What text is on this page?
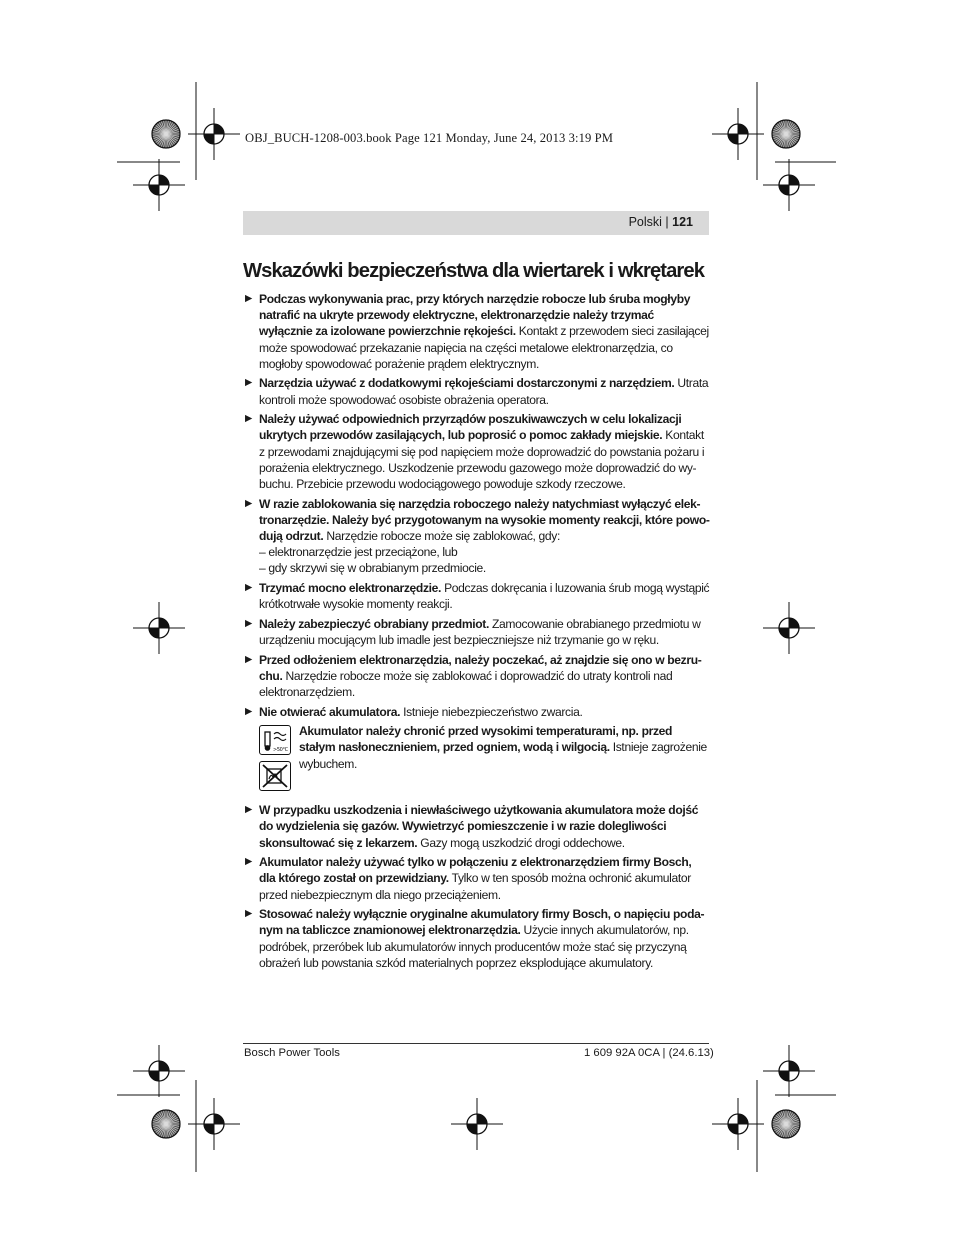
OBJ_BUCH-1208-003.book Page 121 Monday, June 24, 2013 3:19 PM
Polski | 121
Wskazówki bezpieczeństwa dla wiertarek i wkrętarek
▶ Podczas wykonywania prac, przy których narzędzie robocze lub śruba mogłyby natrafić na ukryte przewody elektryczne, elektronarzędzie należy trzymać wyłącznie za izolowane powierzchnie rękojeści. Kontakt z przewodem sieci zasilającej może spowodować przekazanie napięcia na części metalowe elektronarzędzia, co mogłoby spowodować porażenie prądem elektrycznym.
▶ Narzędzia używać z dodatkowymi rękojeściami dostarczonymi z narzędziem. Utrata kontroli może spowodować osobiste obrażenia operatora.
▶ Należy używać odpowiednich przyrządów poszukiwawczych w celu lokalizacji ukrytych przewodów zasilających, lub poprosić o pomoc zakłady miejskie. Kontakt z przewodami znajdującymi się pod napięciem może doprowadzić do powstania pożaru i porażenia elektrycznego. Uszkodzenie przewodu gazowego może doprowadzić do wybuchu. Przebicie przewodu wodociągowego powoduje szkody rzeczowe.
▶ W razie zablokowania się narzędzia roboczego należy natychmiast wyłączyć elektronarzędzie. Należy być przygotowanym na wysokie momenty reakcji, które powodują odrzut. Narzędzie robocze może się zablokować, gdy:
– elektronarzędzie jest przeciążone, lub
– gdy skrzywi się w obrabianym przedmiocie.
▶ Trzymać mocno elektronarzędzie. Podczas dokręcania i luzowania śrub mogą wystąpić krótkotrwałe wysokie momenty reakcji.
▶ Należy zabezpieczyć obrabiany przedmiot. Zamocowanie obrabianego przedmiotu w urządzeniu mocującym lub imadle jest bezpieczniejsze niż trzymanie go w ręku.
▶ Przed odłożeniem elektronarzędzia, należy poczekać, aż znajdzie się ono w bezruchu. Narzędzie robocze może się zablokować i doprowadzić do utraty kontroli nad elektronarzędziem.
▶ Nie otwierać akumulatora. Istnieje niebezpieczeństwo zwarcia.
>50°C
Akumulator należy chronić przed wysokimi temperaturami, np. przed stałym nasłonecznieniem, przed ogniem, wodą i wilgocią. Istnieje zagrożenie wybuchem.
▶ W przypadku uszkodzenia i niewłaściwego użytkowania akumulatora może dojść do wydzielenia się gazów. Wywietrzyć pomieszczenie i w razie dolegliwości skonsultować się z lekarzem. Gazy mogą uszkodzić drogi oddechowe.
▶ Akumulator należy używać tylko w połączeniu z elektronarzędziem firmy Bosch, dla którego został on przewidziany. Tylko w ten sposób można ochronić akumulator przed niebezpiecznym dla niego przeciążeniem.
▶ Stosować należy wyłącznie oryginalne akumulatory firmy Bosch, o napięciu podanym na tabliczce znamionowej elektronarzędzia. Użycie innych akumulatorów, np. podróbek, przeróbek lub akumulatorów innych producentów może stać się przyczyną obrażeń lub powstania szkód materialnych poprzez eksplodujące akumulatory.
Bosch Power Tools	1 609 92A 0CA | (24.6.13)
